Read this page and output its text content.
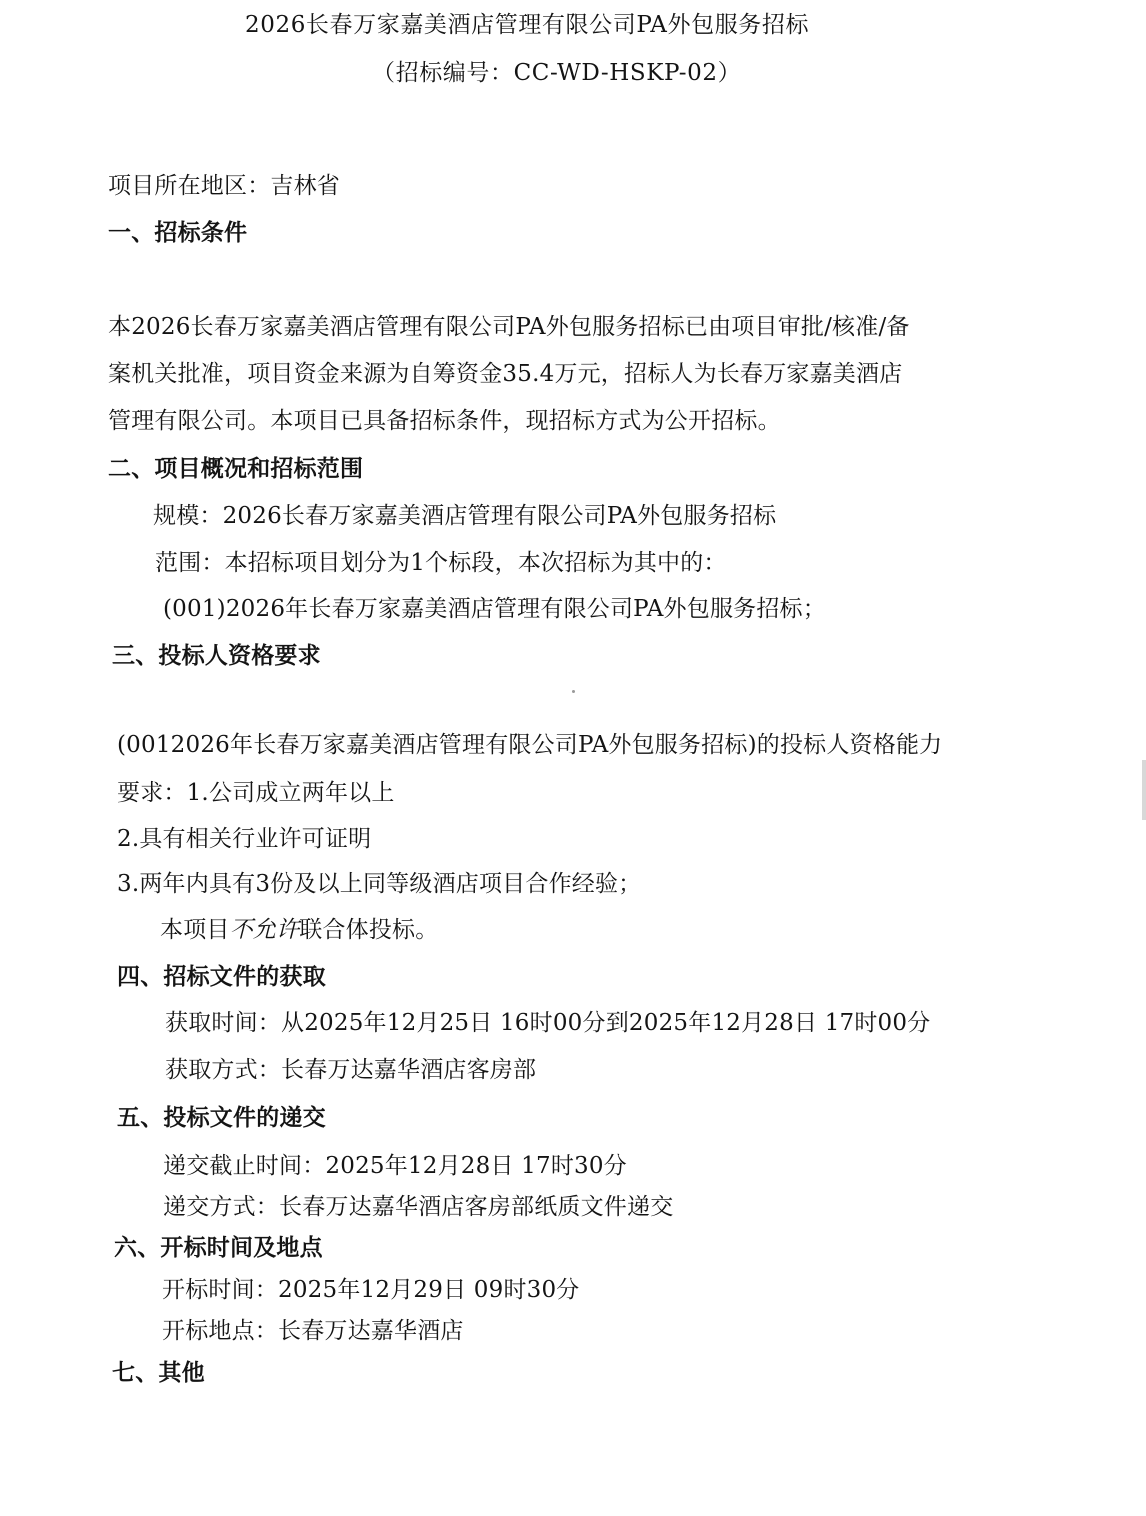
2026长春万家嘉美酒店管理有限公司PA外包服务招标
（招标编号：CC-WD-HSKP-02）
项目所在地区：吉林省
一、招标条件
本2026长春万家嘉美酒店管理有限公司PA外包服务招标已由项目审批/核准/备
案机关批准，项目资金来源为自筹资金35.4万元，招标人为长春万家嘉美酒店
管理有限公司。本项目已具备招标条件，现招标方式为公开招标。
二、项目概况和招标范围
规模：2026长春万家嘉美酒店管理有限公司PA外包服务招标
范围：本招标项目划分为1个标段，本次招标为其中的：
(001)2026年长春万家嘉美酒店管理有限公司PA外包服务招标；
三、投标人资格要求
(0012026年长春万家嘉美酒店管理有限公司PA外包服务招标)的投标人资格能力
要求：1.公司成立两年以上
2.具有相关行业许可证明
3.两年内具有3份及以上同等级酒店项目合作经验；
本项目不允许联合体投标。
四、招标文件的获取
获取时间：从2025年12月25日 16时00分到2025年12月28日 17时00分
获取方式：长春万达嘉华酒店客房部
五、投标文件的递交
递交截止时间：2025年12月28日 17时30分
递交方式：长春万达嘉华酒店客房部纸质文件递交
六、开标时间及地点
开标时间：2025年12月29日 09时30分
开标地点：长春万达嘉华酒店
七、其他
